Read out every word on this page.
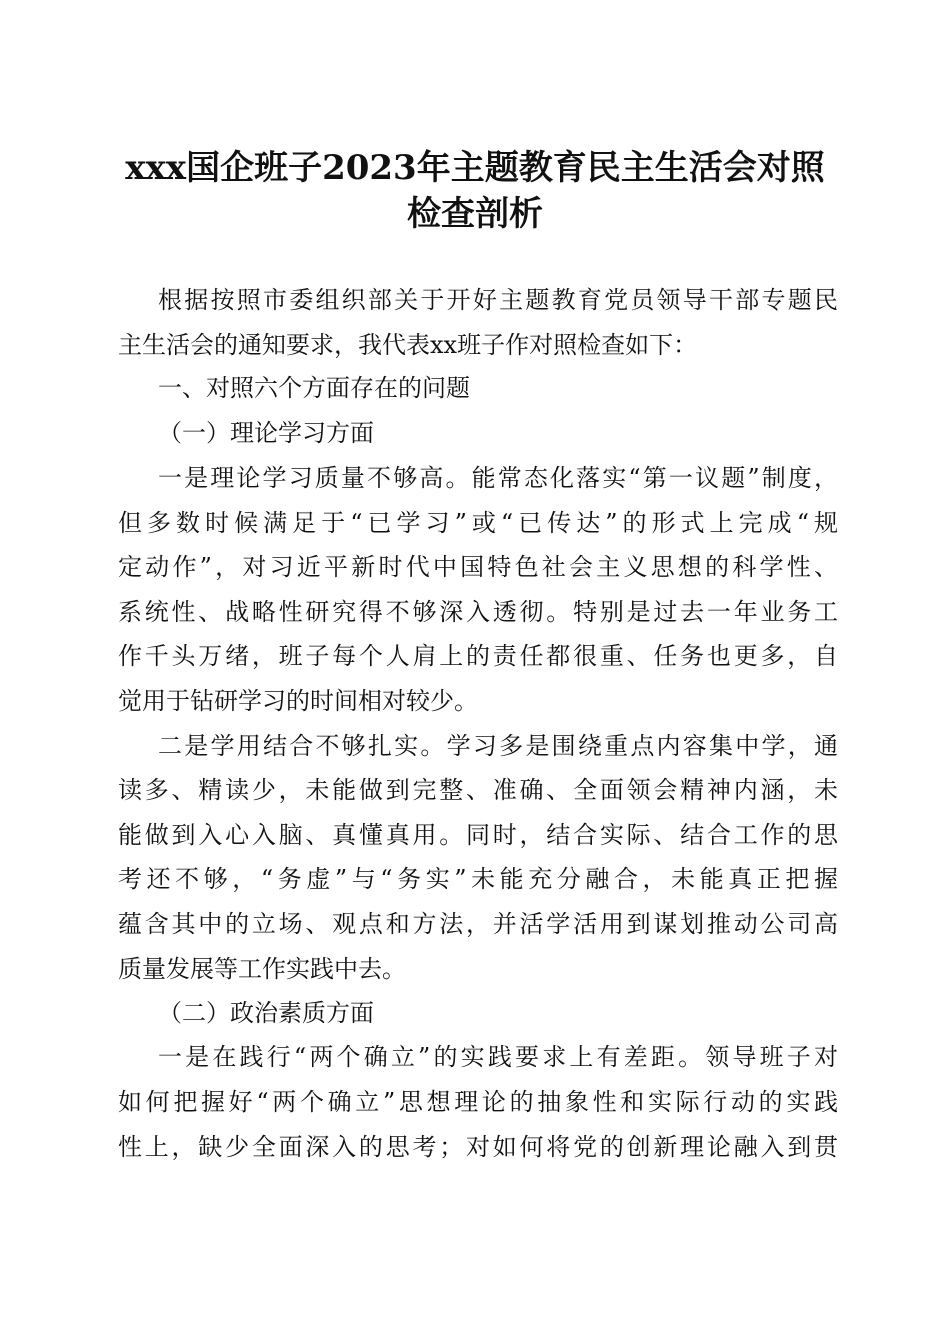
xxx国企班子2023年主题教育民主生活会对照
检查剖析
根据按照市委组织部关于开好主题教育党员领导干部专题民
主生活会的通知要求，我代表xx班子作对照检查如下：
一、对照六个方面存在的问题
（一）理论学习方面
一是理论学习质量不够高。能常态化落实“第一议题”制度，
但多数时候满足于“已学习”或“已传达”的形式上完成“规
定动作”，对习近平新时代中国特色社会主义思想的科学性、
系统性、战略性研究得不够深入透彻。特别是过去一年业务工
作千头万绪，班子每个人肩上的责任都很重、任务也更多，自
觉用于钻研学习的时间相对较少。
二是学用结合不够扎实。学习多是围绕重点内容集中学，通
读多、精读少，未能做到完整、准确、全面领会精神内涵，未
能做到入心入脑、真懂真用。同时，结合实际、结合工作的思
考还不够，“务虚”与“务实”未能充分融合，未能真正把握
蕴含其中的立场、观点和方法，并活学活用到谋划推动公司高
质量发展等工作实践中去。
（二）政治素质方面
一是在践行“两个确立”的实践要求上有差距。领导班子对
如何把握好“两个确立”思想理论的抽象性和实际行动的实践
性上，缺少全面深入的思考；对如何将党的创新理论融入到贯
